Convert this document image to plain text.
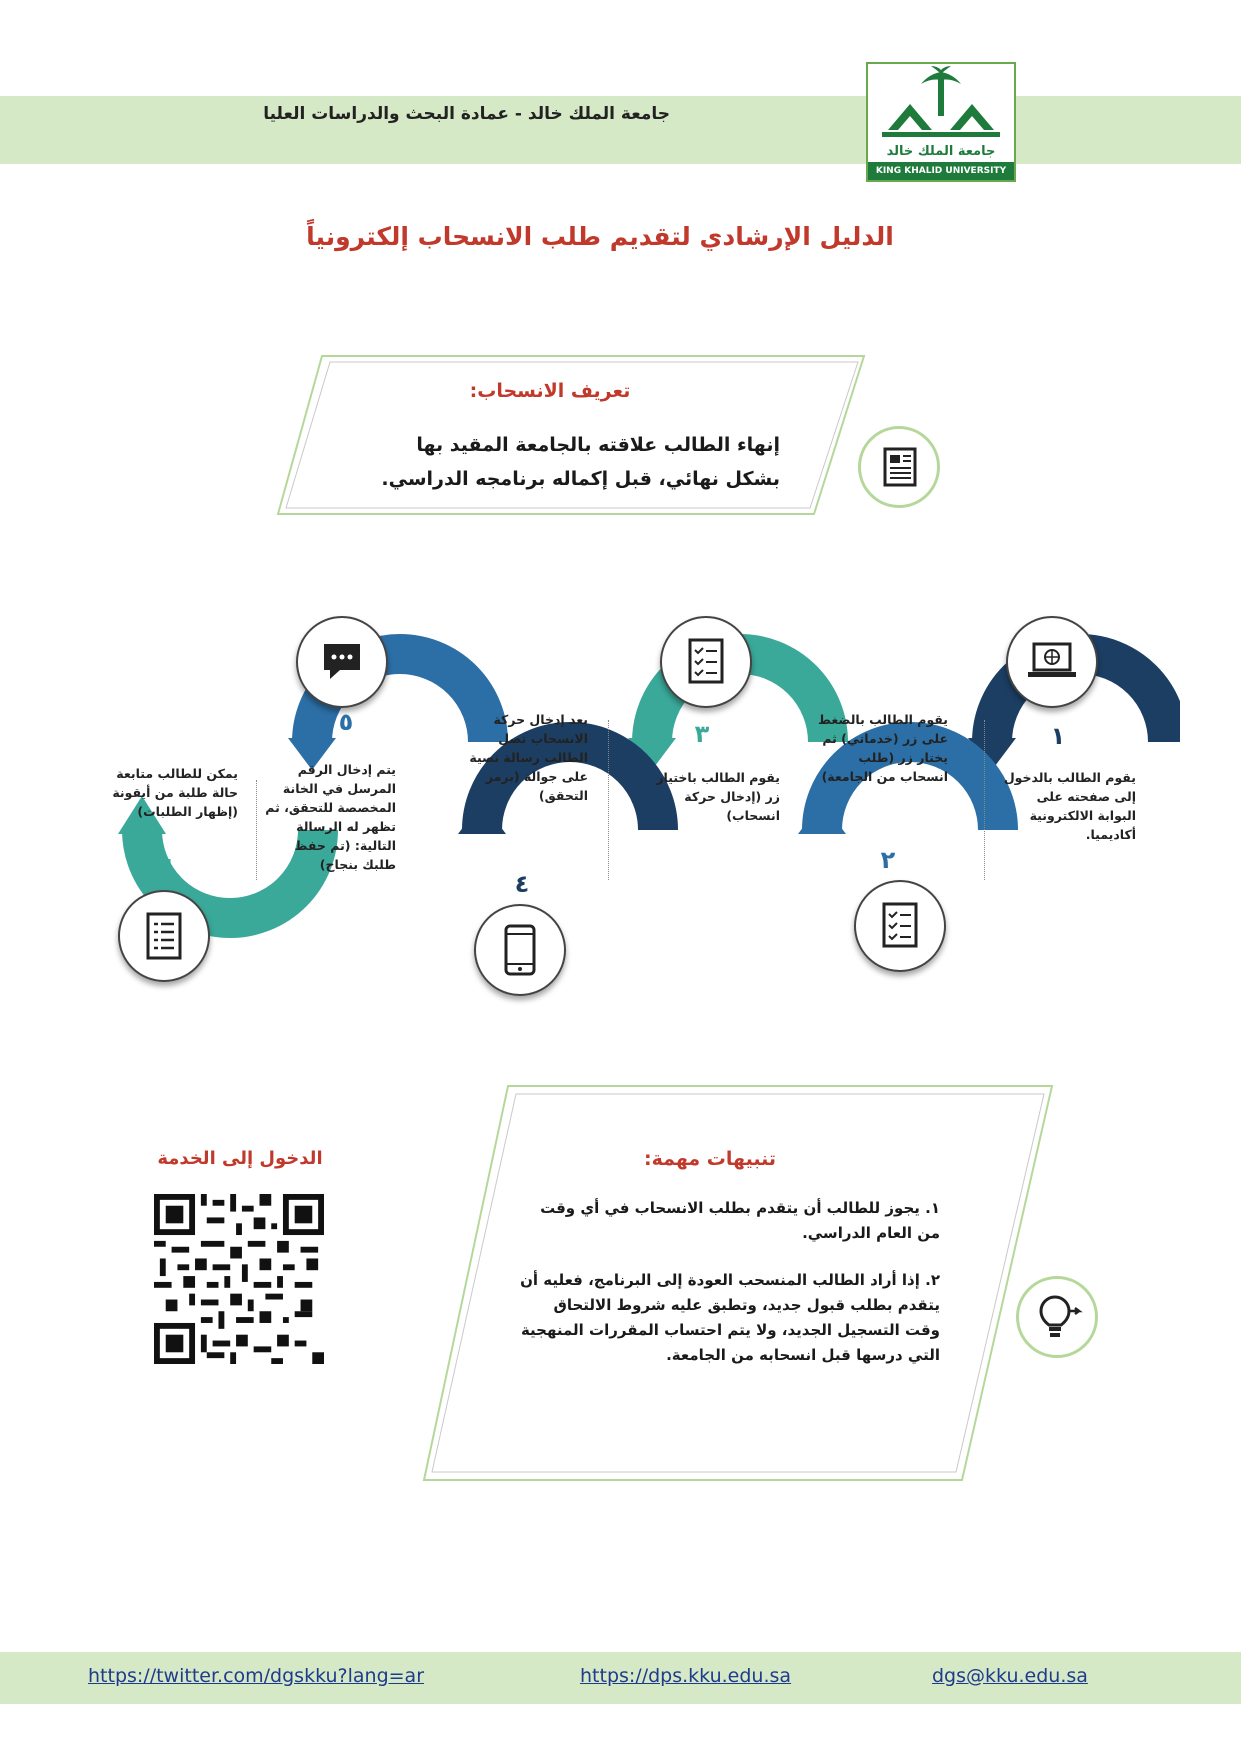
جامعة الملك خالد - عمادة البحث والدراسات العليا
جامعة الملك خالد
KING KHALID UNIVERSITY
الدليل الإرشادي لتقديم طلب الانسحاب إلكترونياً
تعريف الانسحاب:
إنهاء الطالب علاقته بالجامعة المقيد بها بشكل نهائي، قبل إكماله برنامجه الدراسي.
١
٢
٣
٤
٥
٦
يقوم الطالب بالدخول إلى صفحته على البوابة الالكترونية أكاديميا.
يقوم الطالب بالضغط على زر (خدماتي) ثم يختار زر (طلب انسحاب من الجامعة)
يقوم الطالب باختيار زر (إدخال حركة انسحاب)
بعد إدخال حركة الانسحاب تصل الطالب رسالة نصية على جوالة (برمز التحقق)
يتم إدخال الرقم المرسل في الخانة المخصصة للتحقق، ثم تظهر له الرسالة التالية: (تم حفظ طلبك بنجاح)
يمكن للطالب متابعة حالة طلبة من أيقونة (إظهار الطلبات)
تنبيهات مهمة:
١. يجوز للطالب أن يتقدم بطلب الانسحاب في أي وقت من العام الدراسي.
٢. إذا أراد الطالب المنسحب العودة إلى البرنامج، فعليه أن يتقدم بطلب قبول جديد، وتطبق عليه شروط الالتحاق وقت التسجيل الجديد، ولا يتم احتساب المقررات المنهجية التي درسها قبل انسحابه من الجامعة.
الدخول إلى الخدمة
https://twitter.com/dgskku?lang=ar	https://dps.kku.edu.sa	dgs@kku.edu.sa
